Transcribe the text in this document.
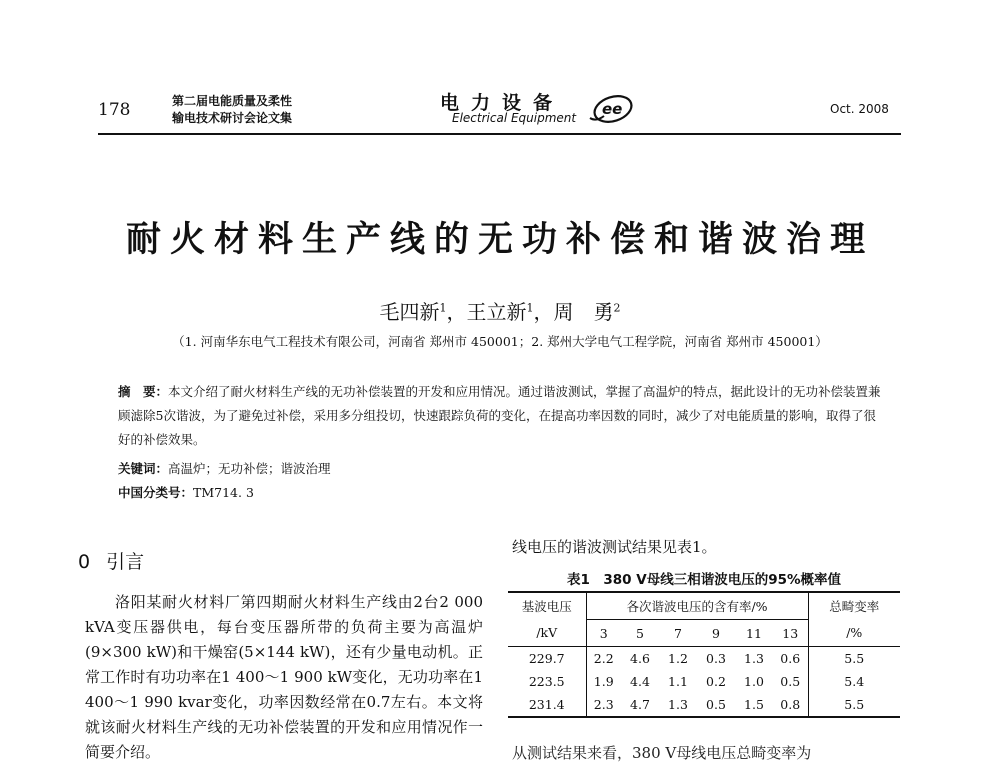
178	第二届电能质量及柔性
输电技术研讨会论文集
电力设备
Electrical Equipment ee	Oct. 2008
耐火材料生产线的无功补偿和谐波治理
毛四新$^1$，王立新$^1$，周　勇$^2$
（1. 河南华东电气工程技术有限公司，河南省 郑州市 450001；2. 郑州大学电气工程学院，河南省 郑州市 450001）
摘　要：本文介绍了耐火材料生产线的无功补偿装置的开发和应用情况。通过谐波测试，掌握了高温炉的特点，据此设计的无功补偿装置兼顾滤除5次谐波，为了避免过补偿，采用多分组投切，快速跟踪负荷的变化，在提高功率因数的同时，减少了对电能质量的影响，取得了很好的补偿效果。
关键词：高温炉；无功补偿；谐波治理
中国分类号：TM714. 3
0 引言
洛阳某耐火材料厂第四期耐火材料生产线由2台2 000 kVA变压器供电，每台变压器所带的负荷主要为高温炉(9×300 kW)和干燥窑(5×144 kW)，还有少量电动机。正常工作时有功功率在1 400～1 900 kW变化，无功功率在1 400～1 990 kvar变化，功率因数经常在0.7左右。本文将就该耐火材料生产线的无功补偿装置的开发和应用情况作一简要介绍。
线电压的谐波测试结果见表1。
表1　380 V母线三相谐波电压的95%概率值
基波电压	各次谐波电压的含有率/%						总畸变率
/kV	3	5	7	9	11	13	/%
229.7	2.2	4.6	1.2	0.3	1.3	0.6	5.5
223.5	1.9	4.4	1.1	0.2	1.0	0.5	5.4
231.4	2.3	4.7	1.3	0.5	1.5	0.8	5.5
从测试结果来看，380 V母线电压总畸变率为
